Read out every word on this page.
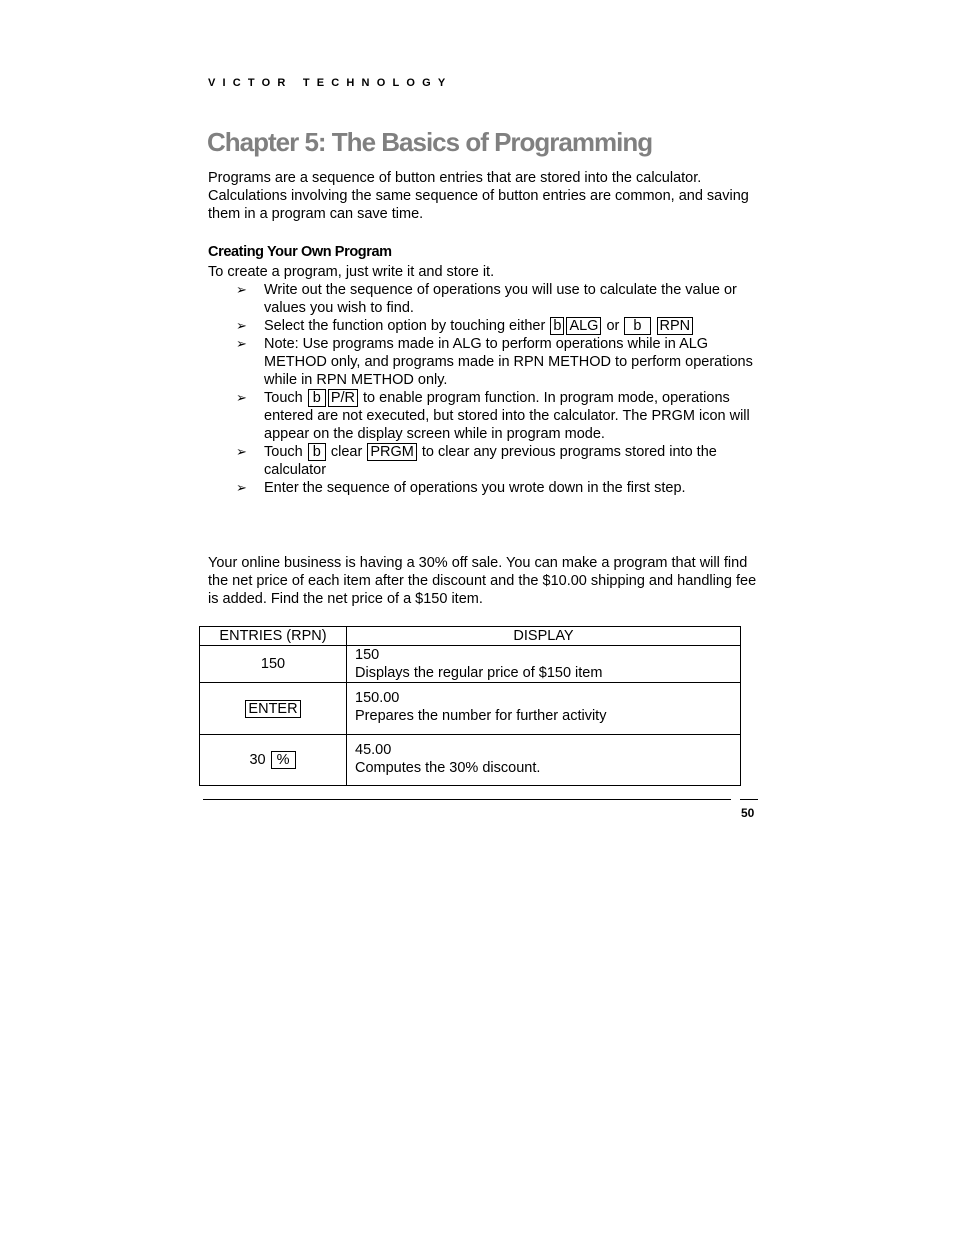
VICTOR TECHNOLOGY
Chapter 5: The Basics of Programming
Programs are a sequence of button entries that are stored into the calculator. Calculations involving the same sequence of button entries are common, and saving them in a program can save time.
Creating Your Own Program
To create a program, just write it and store it.
➢ Write out the sequence of operations you will use to calculate the value or values you wish to find.
➢ Select the function option by touching either b ALG or b RPN
➢ Note: Use programs made in ALG to perform operations while in ALG METHOD only, and programs made in RPN METHOD to perform operations while in RPN METHOD only.
➢ Touch b P/R to enable program function. In program mode, operations entered are not executed, but stored into the calculator. The PRGM icon will appear on the display screen while in program mode.
➢ Touch b clear PRGM to clear any previous programs stored into the calculator
➢ Enter the sequence of operations you wrote down in the first step.
Your online business is having a 30% off sale. You can make a program that will find the net price of each item after the discount and the $10.00 shipping and handling fee is added. Find the net price of a $150 item.
ENTRIES (RPN)	DISPLAY
150	150
Displays the regular price of $150 item

ENTER	150.00
Prepares the number for further activity

30 %	45.00
Computes the 30% discount.
50
